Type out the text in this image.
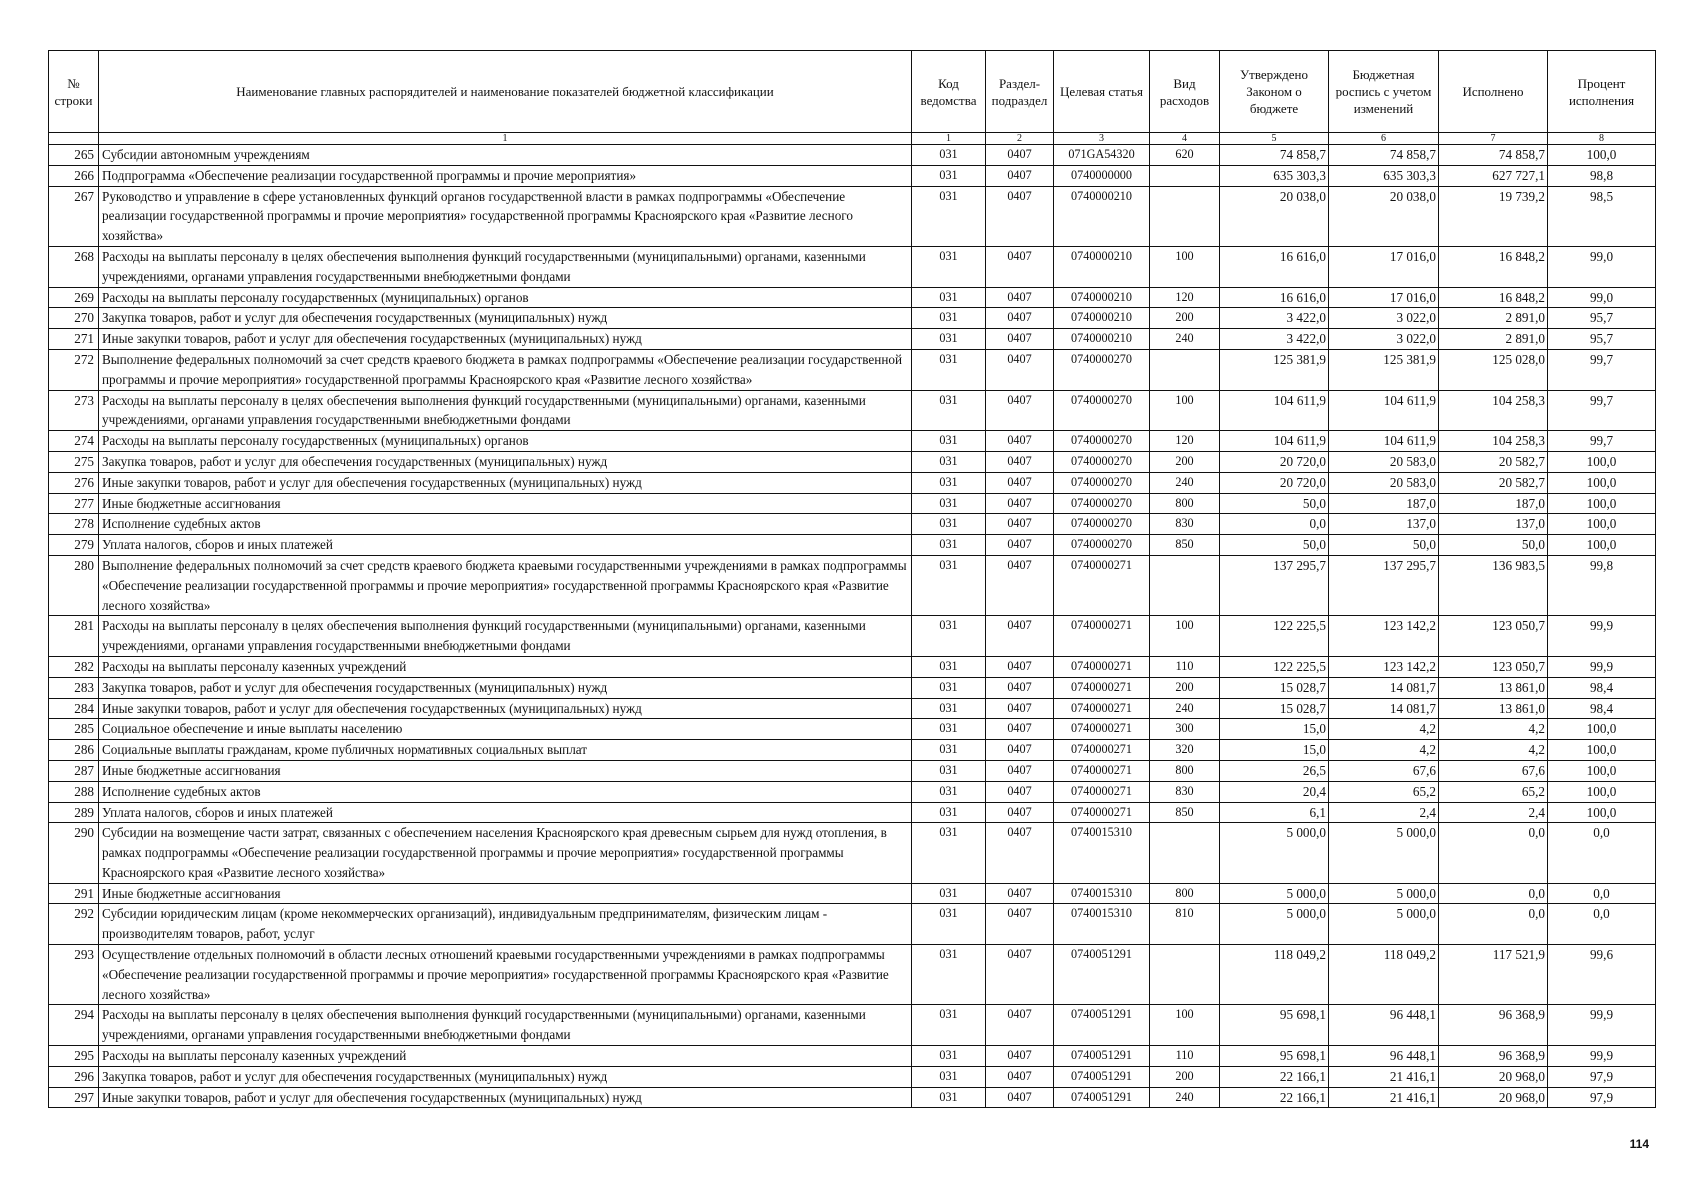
№ строки	Наименование главных распорядителей и наименование показателей бюджетной классификации	Код ведомства	Раздел-подраздел	Целевая статья	Вид расходов	Утверждено Законом о бюджете	Бюджетная роспись с учетом изменений	Исполнено	Процент исполнения
	1	1	2	3	4	5	6	7	8
265	Субсидии автономным учреждениям	031	0407	071GA54320	620	74 858,7	74 858,7	74 858,7	100,0
266	Подпрограмма «Обеспечение реализации государственной программы и прочие мероприятия»	031	0407	0740000000		635 303,3	635 303,3	627 727,1	98,8
267	Руководство и управление в сфере установленных функций органов государственной власти в рамках подпрограммы «Обеспечение реализации государственной программы и прочие мероприятия» государственной программы Красноярского края «Развитие лесного хозяйства»	031	0407	0740000210		20 038,0	20 038,0	19 739,2	98,5
268	Расходы на выплаты персоналу в целях обеспечения выполнения функций государственными (муниципальными) органами, казенными учреждениями, органами управления государственными внебюджетными фондами	031	0407	0740000210	100	16 616,0	17 016,0	16 848,2	99,0
269	Расходы на выплаты персоналу государственных (муниципальных) органов	031	0407	0740000210	120	16 616,0	17 016,0	16 848,2	99,0
270	Закупка товаров, работ и услуг для обеспечения государственных (муниципальных) нужд	031	0407	0740000210	200	3 422,0	3 022,0	2 891,0	95,7
271	Иные закупки товаров, работ и услуг для обеспечения государственных (муниципальных) нужд	031	0407	0740000210	240	3 422,0	3 022,0	2 891,0	95,7
272	Выполнение федеральных полномочий за счет средств краевого бюджета в рамках подпрограммы «Обеспечение реализации государственной программы и прочие мероприятия» государственной программы Красноярского края «Развитие лесного хозяйства»	031	0407	0740000270		125 381,9	125 381,9	125 028,0	99,7
273	Расходы на выплаты персоналу в целях обеспечения выполнения функций государственными (муниципальными) органами, казенными учреждениями, органами управления государственными внебюджетными фондами	031	0407	0740000270	100	104 611,9	104 611,9	104 258,3	99,7
274	Расходы на выплаты персоналу государственных (муниципальных) органов	031	0407	0740000270	120	104 611,9	104 611,9	104 258,3	99,7
275	Закупка товаров, работ и услуг для обеспечения государственных (муниципальных) нужд	031	0407	0740000270	200	20 720,0	20 583,0	20 582,7	100,0
276	Иные закупки товаров, работ и услуг для обеспечения государственных (муниципальных) нужд	031	0407	0740000270	240	20 720,0	20 583,0	20 582,7	100,0
277	Иные бюджетные ассигнования	031	0407	0740000270	800	50,0	187,0	187,0	100,0
278	Исполнение судебных актов	031	0407	0740000270	830	0,0	137,0	137,0	100,0
279	Уплата налогов, сборов и иных платежей	031	0407	0740000270	850	50,0	50,0	50,0	100,0
280	Выполнение федеральных полномочий за счет средств краевого бюджета краевыми государственными учреждениями в рамках подпрограммы «Обеспечение реализации государственной программы и прочие мероприятия» государственной программы Красноярского края «Развитие лесного хозяйства»	031	0407	0740000271		137 295,7	137 295,7	136 983,5	99,8
281	Расходы на выплаты персоналу в целях обеспечения выполнения функций государственными (муниципальными) органами, казенными учреждениями, органами управления государственными внебюджетными фондами	031	0407	0740000271	100	122 225,5	123 142,2	123 050,7	99,9
282	Расходы на выплаты персоналу казенных учреждений	031	0407	0740000271	110	122 225,5	123 142,2	123 050,7	99,9
283	Закупка товаров, работ и услуг для обеспечения государственных (муниципальных) нужд	031	0407	0740000271	200	15 028,7	14 081,7	13 861,0	98,4
284	Иные закупки товаров, работ и услуг для обеспечения государственных (муниципальных) нужд	031	0407	0740000271	240	15 028,7	14 081,7	13 861,0	98,4
285	Социальное обеспечение и иные выплаты населению	031	0407	0740000271	300	15,0	4,2	4,2	100,0
286	Социальные выплаты гражданам, кроме публичных нормативных социальных выплат	031	0407	0740000271	320	15,0	4,2	4,2	100,0
287	Иные бюджетные ассигнования	031	0407	0740000271	800	26,5	67,6	67,6	100,0
288	Исполнение судебных актов	031	0407	0740000271	830	20,4	65,2	65,2	100,0
289	Уплата налогов, сборов и иных платежей	031	0407	0740000271	850	6,1	2,4	2,4	100,0
290	Субсидии на возмещение части затрат, связанных с обеспечением населения Красноярского края древесным сырьем для нужд отопления, в рамках подпрограммы «Обеспечение реализации государственной программы и прочие мероприятия» государственной программы Красноярского края «Развитие лесного хозяйства»	031	0407	0740015310		5 000,0	5 000,0	0,0	0,0
291	Иные бюджетные ассигнования	031	0407	0740015310	800	5 000,0	5 000,0	0,0	0,0
292	Субсидии юридическим лицам (кроме некоммерческих организаций), индивидуальным предпринимателям, физическим лицам - производителям товаров, работ, услуг	031	0407	0740015310	810	5 000,0	5 000,0	0,0	0,0
293	Осуществление отдельных полномочий в области лесных отношений краевыми государственными учреждениями в рамках подпрограммы «Обеспечение реализации государственной программы и прочие мероприятия» государственной программы Красноярского края «Развитие лесного хозяйства»	031	0407	0740051291		118 049,2	118 049,2	117 521,9	99,6
294	Расходы на выплаты персоналу в целях обеспечения выполнения функций государственными (муниципальными) органами, казенными учреждениями, органами управления государственными внебюджетными фондами	031	0407	0740051291	100	95 698,1	96 448,1	96 368,9	99,9
295	Расходы на выплаты персоналу казенных учреждений	031	0407	0740051291	110	95 698,1	96 448,1	96 368,9	99,9
296	Закупка товаров, работ и услуг для обеспечения государственных (муниципальных) нужд	031	0407	0740051291	200	22 166,1	21 416,1	20 968,0	97,9
297	Иные закупки товаров, работ и услуг для обеспечения государственных (муниципальных) нужд	031	0407	0740051291	240	22 166,1	21 416,1	20 968,0	97,9
114
